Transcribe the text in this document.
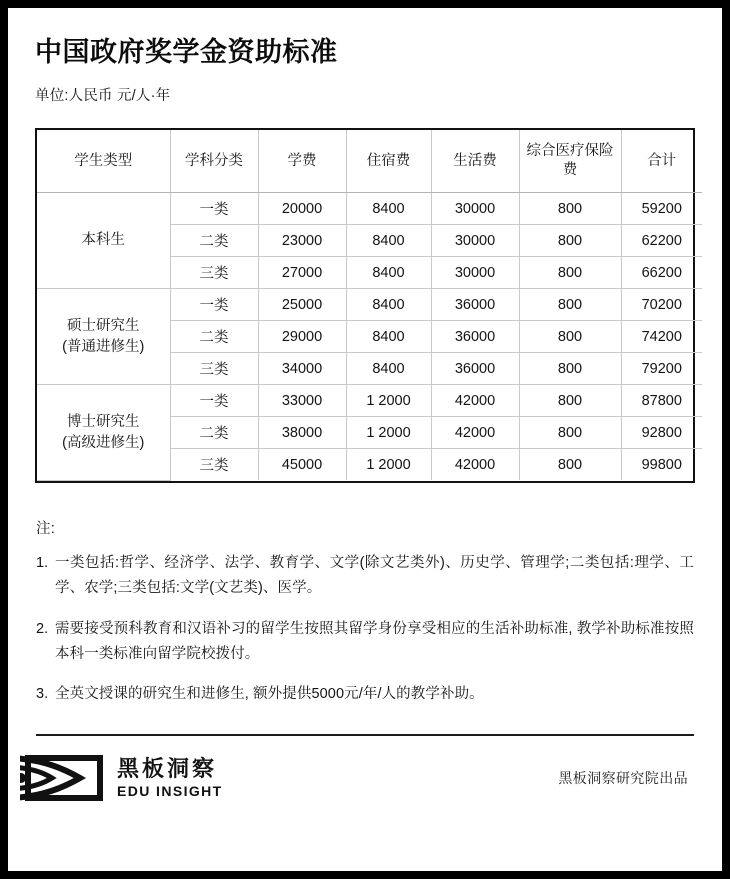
中国政府奖学金资助标准
单位:人民币 元/人·年
学生类型	学科分类	学费	住宿费	生活费	综合医疗保险费	合计

本科生	一类	20000	8400	30000	800	59200
	二类	23000	8400	30000	800	62200
	三类	27000	8400	30000	800	66200

硕士研究生
(普通进修生)	一类	25000	8400	36000	800	70200
	二类	29000	8400	36000	800	74200
	三类	34000	8400	36000	800	79200

博士研究生
(高级进修生)	一类	33000	1 2000	42000	800	87800
	二类	38000	1 2000	42000	800	92800
	三类	45000	1 2000	42000	800	99800
注:
1. 一类包括:哲学、经济学、法学、教育学、文学(除文艺类外)、历史学、管理学;二类包括:理学、工学、农学;三类包括:文学(文艺类)、医学。
2. 需要接受预科教育和汉语补习的留学生按照其留学身份享受相应的生活补助标准, 教学补助标准按照本科一类标准向留学院校拨付。
3. 全英文授课的研究生和进修生, 额外提供5000元/年/人的教学补助。
黑板洞察
EDU INSIGHT
黑板洞察研究院出品
